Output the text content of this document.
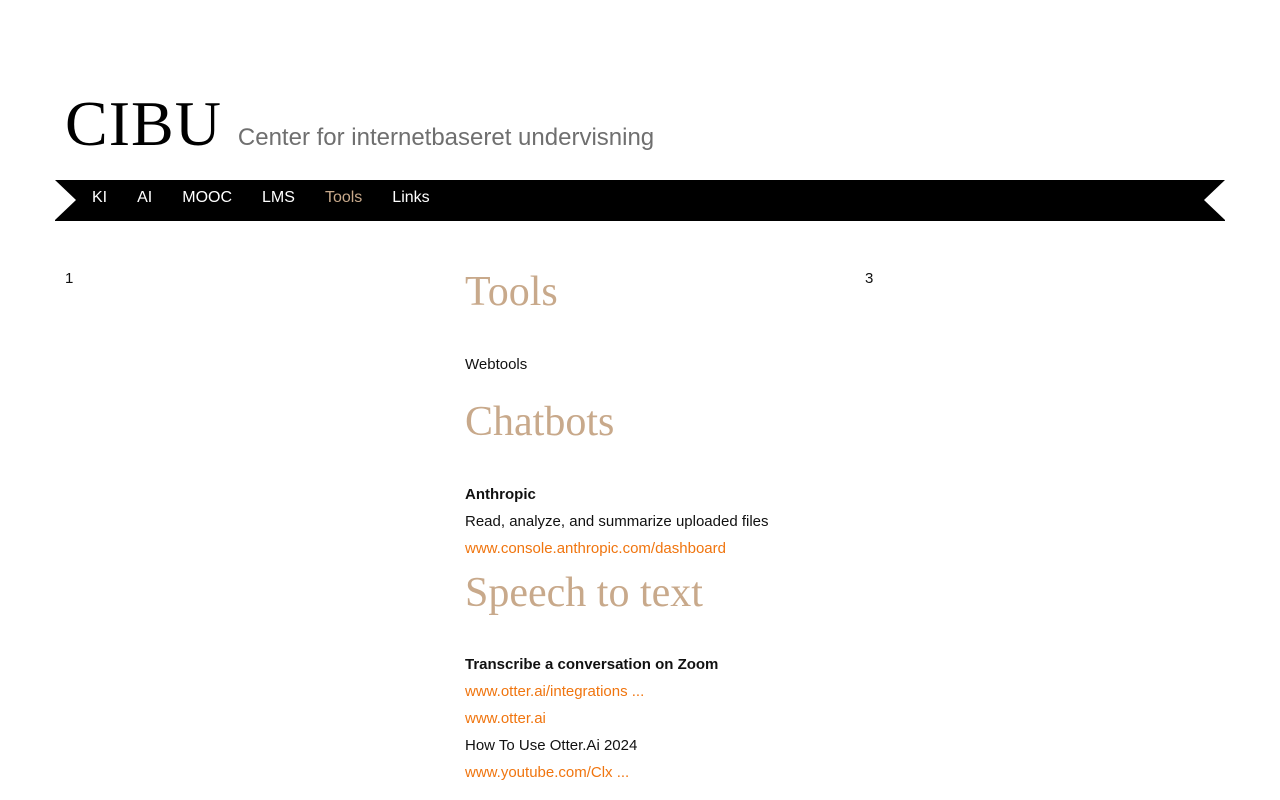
CIBU Center for internetbaseret undervisning
KI AI MOOC LMS Tools Links
1	3
Tools
Webtools
Chatbots
Anthropic
Read, analyze, and summarize uploaded files
www.console.anthropic.com/dashboard
Speech to text
Transcribe a conversation on Zoom
www.otter.ai/integrations ...
www.otter.ai
How To Use Otter.Ai 2024
www.youtube.com/Clx ...
